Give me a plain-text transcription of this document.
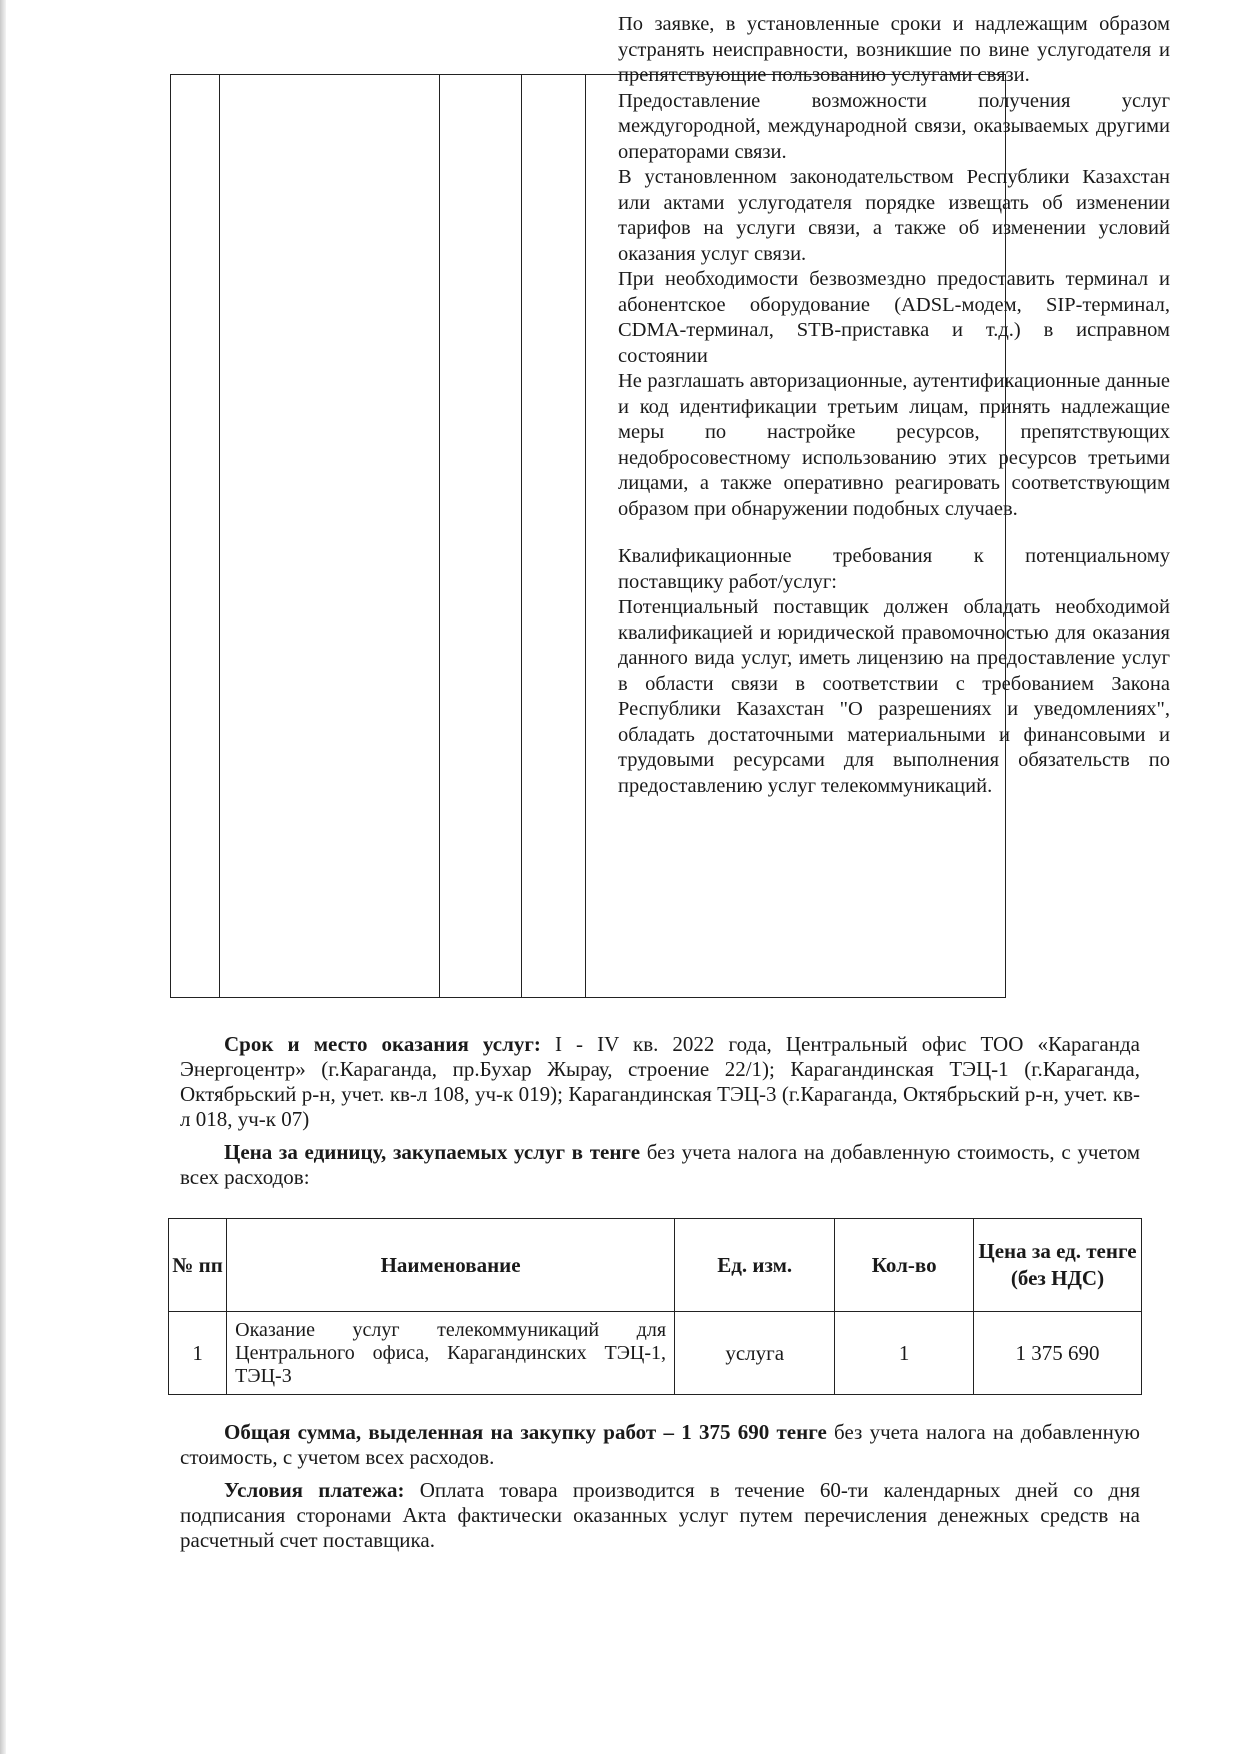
По заявке, в установленные сроки и надлежащим образом устранять неисправности, возникшие по вине услугодателя и препятствующие пользованию услугами связи.

Предоставление возможности получения услуг междугородной, международной связи, оказываемых другими операторами связи.

В установленном законодательством Республики Казахстан или актами услугодателя порядке извещать об изменении тарифов на услуги связи, а также об изменении условий оказания услуг связи.

При необходимости безвозмездно предоставить терминал и абонентское оборудование (ADSL-модем, SIP-терминал, CDMA-терминал, STB-приставка и т.д.) в исправном состоянии

Не разглашать авторизационные, аутентификационные данные и код идентификации третьим лицам, принять надлежащие меры по настройке ресурсов, препятствующих недобросовестному использованию этих ресурсов третьими лицами, а также оперативно реагировать соответствующим образом при обнаружении подобных случаев.

Квалификационные требования к потенциальному поставщику работ/услуг:

Потенциальный поставщик должен обладать необходимой квалификацией и юридической правомочностью для оказания данного вида услуг, иметь лицензию на предоставление услуг в области связи в соответствии с требованием Закона Республики Казахстан "О разрешениях и уведомлениях", обладать достаточными материальными и финансовыми и трудовыми ресурсами для выполнения обязательств по предоставлению услуг телекоммуникаций.

Срок и место оказания услуг: I - IV кв. 2022 года, Центральный офис ТОО «Караганда Энергоцентр» (г.Караганда, пр.Бухар Жырау, строение 22/1); Карагандинская ТЭЦ-1 (г.Караганда, Октябрьский р-н, учет. кв-л 108, уч-к 019); Карагандинская ТЭЦ-3 (г.Караганда, Октябрьский р-н, учет. кв-л 018, уч-к 07)
Цена за единицу, закупаемых услуг в тенге без учета налога на добавленную стоимость, с учетом всех расходов:
№ пп	Наименование	Ед. изм.	Кол-во	Цена за ед. тенге (без НДС)
1	Оказание услуг телекоммуникаций для Центрального офиса, Карагандинских ТЭЦ-1, ТЭЦ-3	услуга	1	1 375 690
Общая сумма, выделенная на закупку работ – 1 375 690 тенге без учета налога на добавленную стоимость, с учетом всех расходов.
Условия платежа: Оплата товара производится в течение 60-ти календарных дней со дня подписания сторонами Акта фактически оказанных услуг путем перечисления денежных средств на расчетный счет поставщика.
